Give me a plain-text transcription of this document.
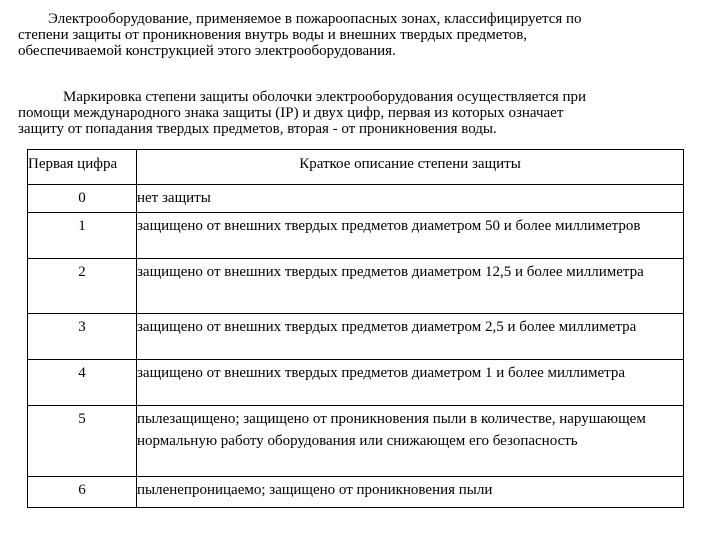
Электрооборудование, применяемое в пожароопасных зонах, классифицируется по
степени защиты от проникновения внутрь воды и внешних твердых предметов,
обеспечиваемой конструкцией этого электрооборудования.

Маркировка степени защиты оболочки электрооборудования осуществляется при
помощи международного знака защиты (IP) и двух цифр, первая из которых означает
защиту от попадания твердых предметов, вторая - от проникновения воды.

Первая цифра	Краткое описание степени защиты

0	нет защиты

1	защищено от внешних твердых предметов диаметром 50 и более миллиметров

2	защищено от внешних твердых предметов диаметром 12,5 и более миллиметра

3	защищено от внешних твердых предметов диаметром 2,5 и более миллиметра

4	защищено от внешних твердых предметов диаметром 1 и более миллиметра

5	пылезащищено; защищено от проникновения пыли в количестве, нарушающем нормальную работу оборудования или снижающем его безопасность

6	пыленепроницаемо; защищено от проникновения пыли
